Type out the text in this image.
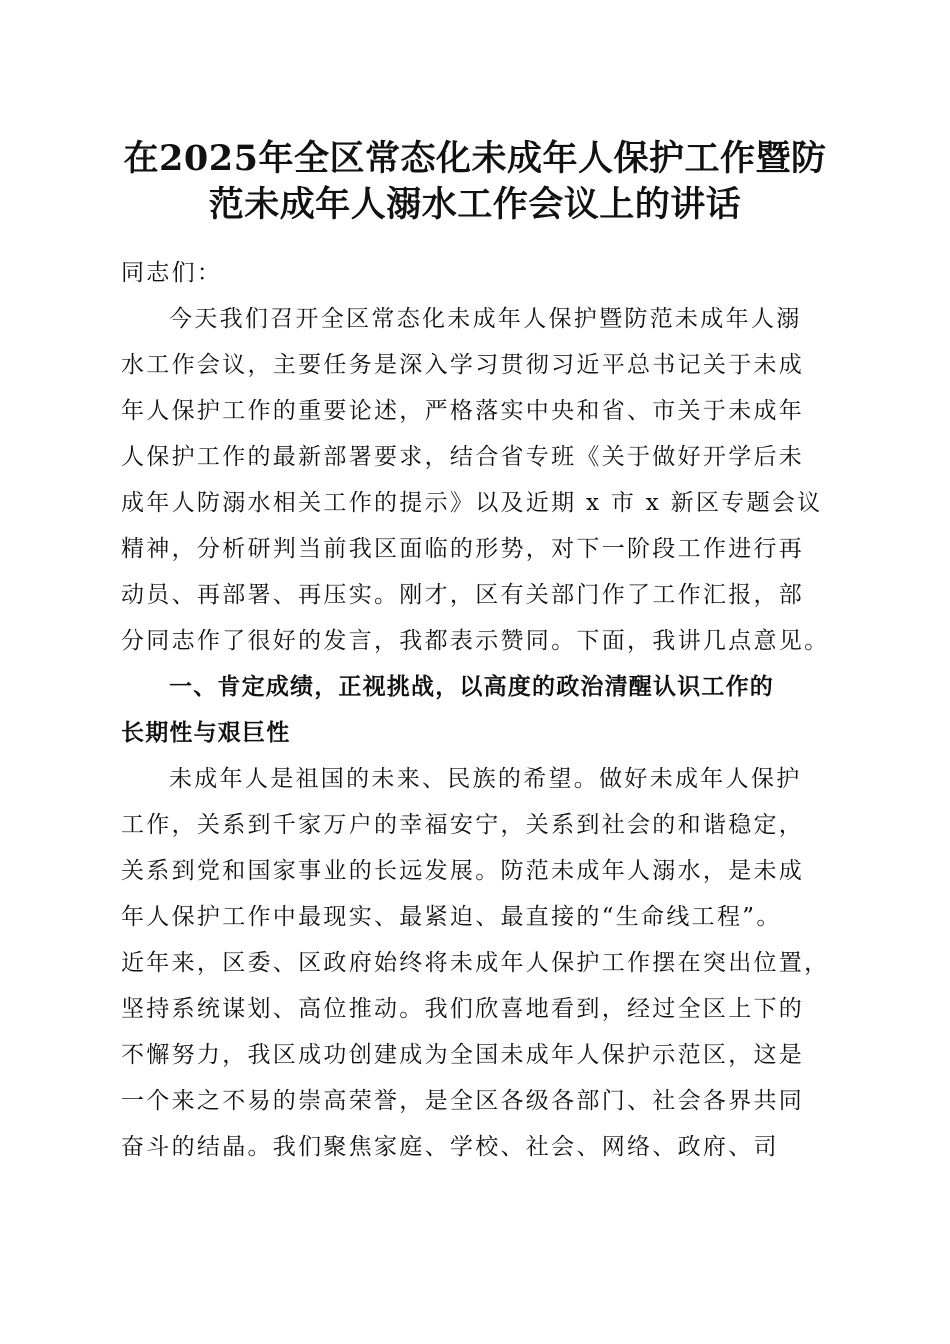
在2025年全区常态化未成年人保护工作暨防
范未成年人溺水工作会议上的讲话
同志们：
今天我们召开全区常态化未成年人保护暨防范未成年人溺
水工作会议，主要任务是深入学习贯彻习近平总书记关于未成
年人保护工作的重要论述，严格落实中央和省、市关于未成年
人保护工作的最新部署要求，结合省专班《关于做好开学后未
成年人防溺水相关工作的提示》以及近期 x 市 x 新区专题会议
精神，分析研判当前我区面临的形势，对下一阶段工作进行再
动员、再部署、再压实。刚才，区有关部门作了工作汇报，部
分同志作了很好的发言，我都表示赞同。下面，我讲几点意见。
一、肯定成绩，正视挑战，以高度的政治清醒认识工作的
长期性与艰巨性
未成年人是祖国的未来、民族的希望。做好未成年人保护
工作，关系到千家万户的幸福安宁，关系到社会的和谐稳定，
关系到党和国家事业的长远发展。防范未成年人溺水，是未成
年人保护工作中最现实、最紧迫、最直接的“生命线工程”。
近年来，区委、区政府始终将未成年人保护工作摆在突出位置，
坚持系统谋划、高位推动。我们欣喜地看到，经过全区上下的
不懈努力，我区成功创建成为全国未成年人保护示范区，这是
一个来之不易的崇高荣誉，是全区各级各部门、社会各界共同
奋斗的结晶。我们聚焦家庭、学校、社会、网络、政府、司
